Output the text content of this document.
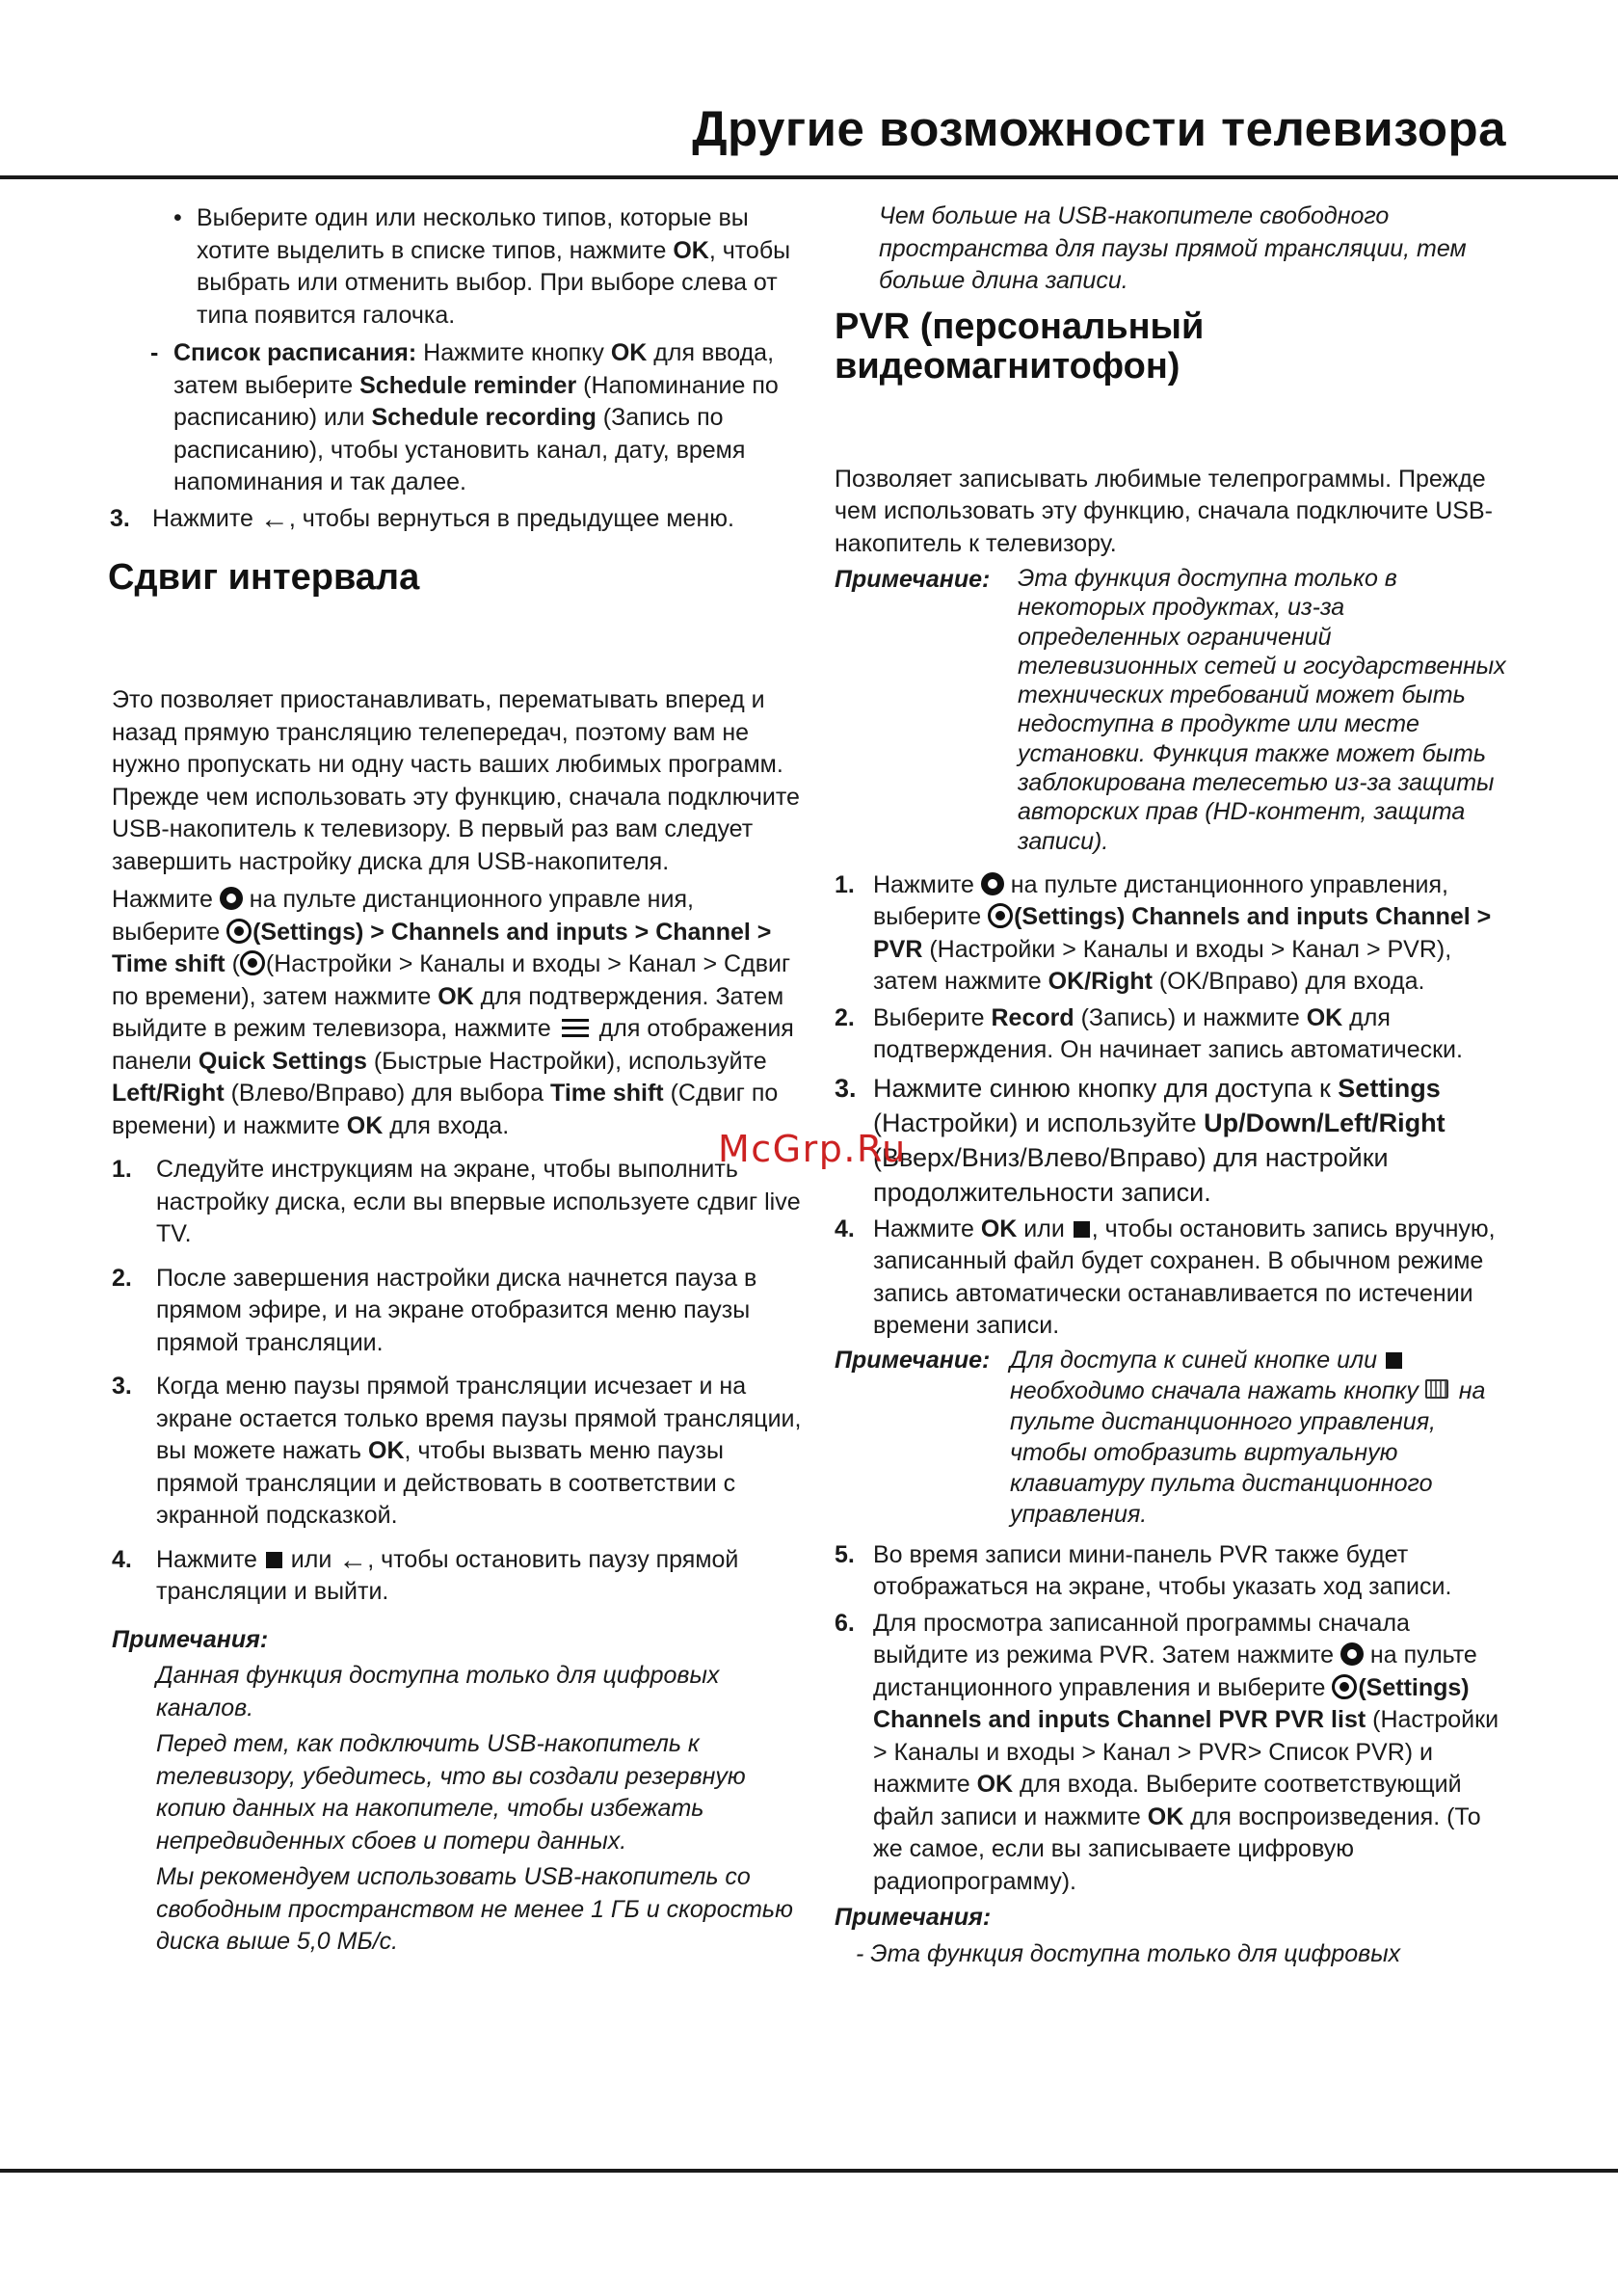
Другие возможности телевизора
• Выберите один или несколько типов, которые вы хотите выделить в списке типов, нажмите OK, чтобы выбрать или отменить выбор. При выборе слева от типа появится галочка.

- Список расписания: Нажмите кнопку OK для ввода, затем выберите Schedule reminder (Напоминание по расписанию) или Schedule recording (Запись по расписанию), чтобы установить канал, дату, время напоминания и так далее.

3. Нажмите ←, чтобы вернуться в предыдущее меню.

Сдвиг интервала

Это позволяет приостанавливать, перематывать вперед и назад прямую трансляцию телепередач, поэтому вам не нужно пропускать ни одну часть ваших любимых программ. Прежде чем использовать эту функцию, сначала подключите USB-накопитель к телевизору. В первый раз вам следует завершить настройку диска для USB-накопителя.

Нажмите  на пульте дистанционного управле ния, выберите (Settings) > Channels and inputs > Channel > Time shift ( (Настройки > Каналы и входы > Канал > Сдвиг по времени), затем нажмите OK для подтверждения. Затем выйдите в режим телевизора, нажмите  для отображения панели Quick Settings (Быстрые Настройки), используйте Left/Right (Влево/Вправо) для выбора Time shift (Сдвиг по времени) и нажмите OK для входа.

1. Следуйте инструкциям на экране, чтобы выполнить настройку диска, если вы впервые используете сдвиг live TV.

2. После завершения настройки диска начнется пауза в прямом эфире, и на экране отобразится меню паузы прямой трансляции.

3. Когда меню паузы прямой трансляции исчезает и на экране остается только время паузы прямой трансляции, вы можете нажать OK, чтобы вызвать меню паузы прямой трансляции и действовать в соответствии с экранной подсказкой.

4. Нажмите  или ←, чтобы остановить паузу прямой трансляции и выйти.

Примечания:

Данная функция доступна только для цифровых каналов.

Перед тем, как подключить USB-накопитель к телевизору, убедитесь, что вы создали резервную копию данных на накопителе, чтобы избежать непредвиденных сбоев и потери данных.

Мы рекомендуем использовать USB-накопитель со свободным пространством не менее 1 ГБ и скоростью диска выше 5,0 МБ/с.

Чем больше на USB-накопителе свободного пространства для паузы прямой трансляции, тем больше длина записи.

PVR (персональный видеомагнитофон)

Позволяет записывать любимые телепрограммы. Прежде чем использовать эту функцию, сначала подключите USB-накопитель к телевизору.

Примечание: Эта функция доступна только в некоторых продуктах, из-за определенных ограничений телевизионных сетей и государственных технических требований может быть недоступна в продукте или месте установки. Функция также может быть заблокирована телесетью из-за защиты авторских прав (HD-контент, защита записи).

1. Нажмите  на пульте дистанционного управления, выберите (Settings) Channels and inputs Channel > PVR (Настройки > Каналы и входы > Канал > PVR), затем нажмите OK/Right (OK/Вправо) для входа.

2. Выберите Record (Запись) и нажмите OK для подтверждения. Он начинает запись автоматически.

3. Нажмите синюю кнопку для доступа к Settings (Настройки) и используйте Up/Down/Left/Right (Вверх/Вниз/Влево/Вправо) для настройки продолжительности записи.

4. Нажмите OK или , чтобы остановить запись вручную, записанный файл будет сохранен. В обычном режиме запись автоматически останавливается по истечении времени записи.

Примечание: Для доступа к синей кнопке или  необходимо сначала нажать кнопку  на пульте дистанционного управления, чтобы отобразить виртуальную клавиатуру пульта дистанционного управления.

5. Во время записи мини-панель PVR также будет отображаться на экране, чтобы указать ход записи.

6. Для просмотра записанной программы сначала выйдите из режима PVR. Затем нажмите  на пульте дистанционного управления и выберите (Settings) Channels and inputs Channel PVR PVR list (Настройки > Каналы и входы > Канал > PVR> Список PVR) и нажмите OK для входа. Выберите соответствующий файл записи и нажмите OK для воспроизведения. (То же самое, если вы записываете цифровую радиопрограмму).

Примечания:

- Эта функция доступна только для цифровых

McGrp.Ru
